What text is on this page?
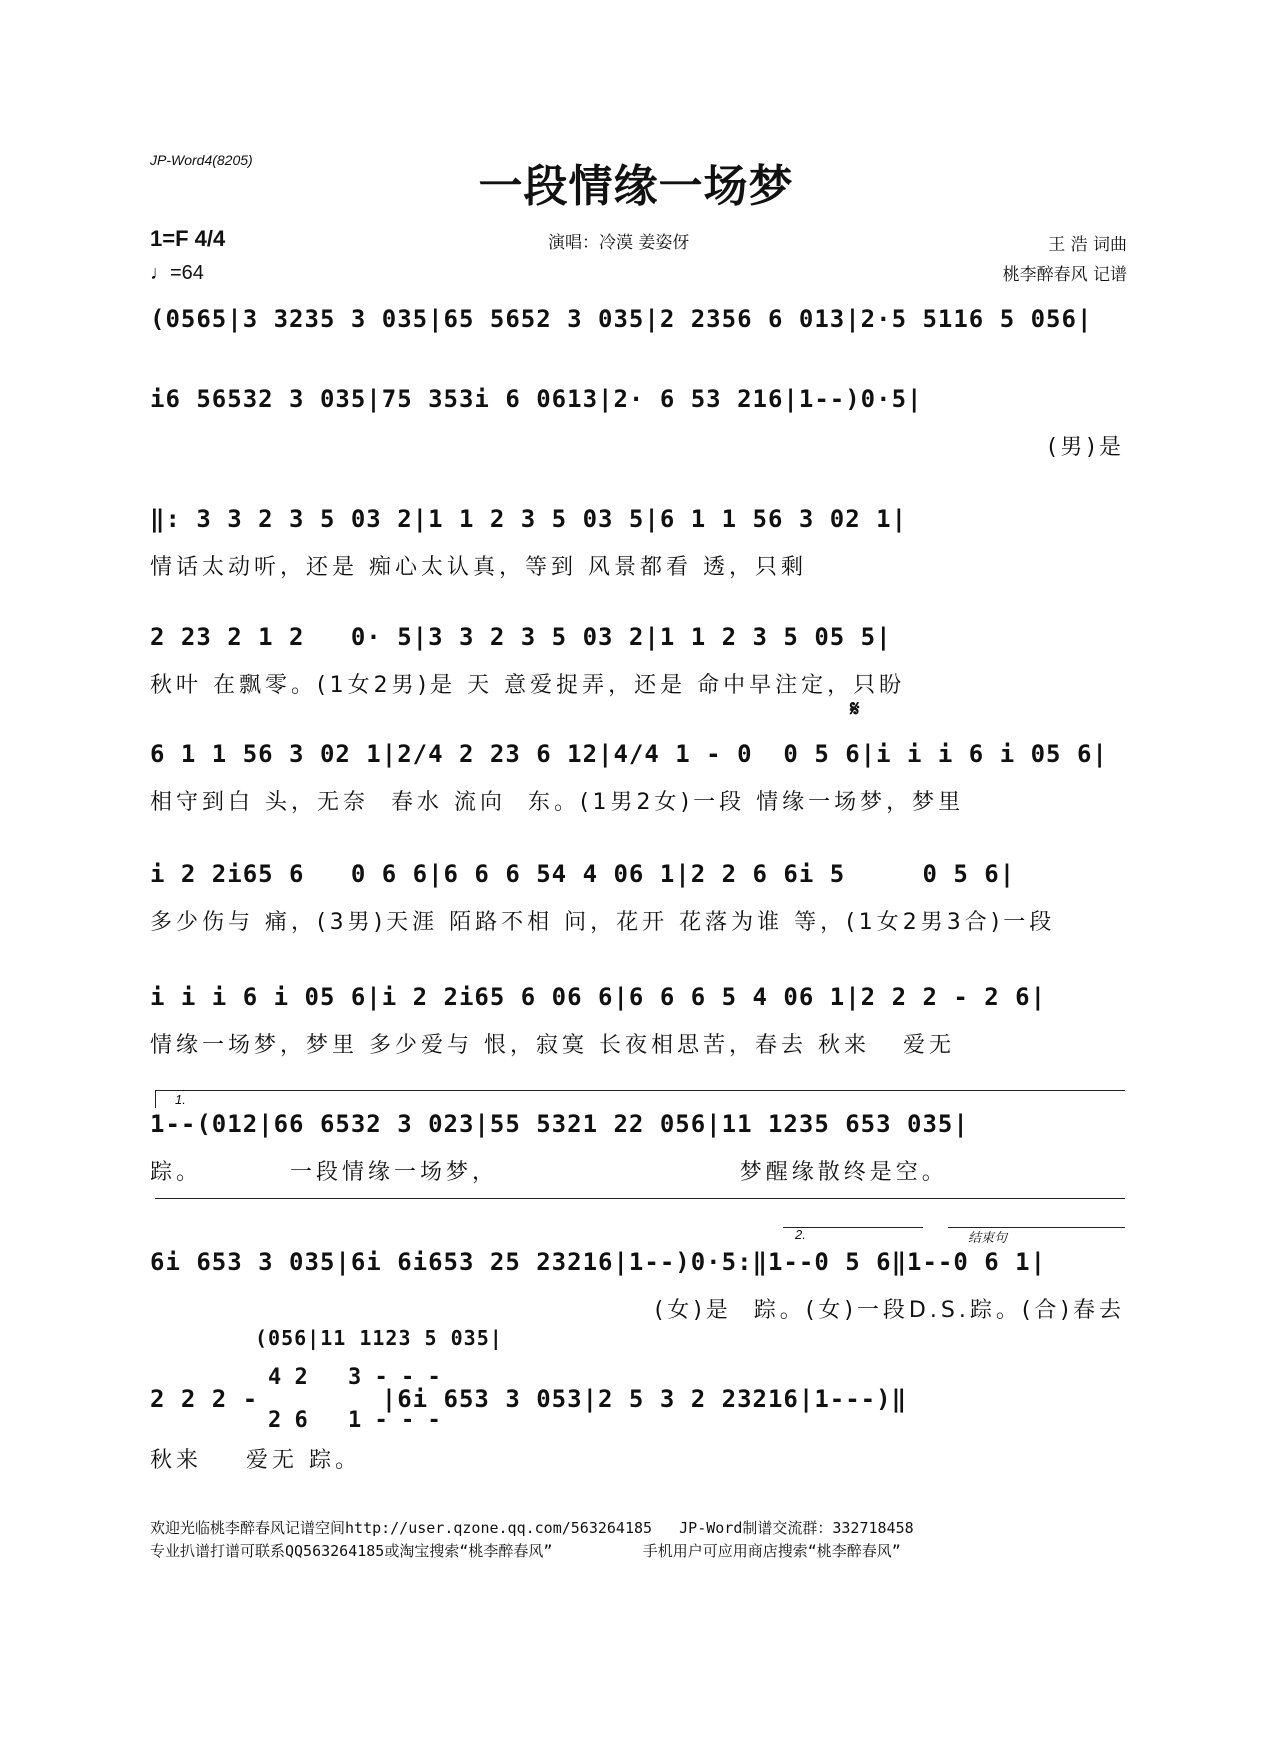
JP-Word4(8205)
一段情缘一场梦
1=F 4/4
♩=64
演唱：冷漠 姜姿伢	王 浩 词曲
桃李醉春风 记谱
(0565|3 3235 3 035|65 5652 3 035|2 2356 6 013|2·5 5116 5 056|
i6 56532 3 035|75 353i 6 0613|2· 6 53 216|1--)0·5|
(男)是
‖: 3 3 2 3 5 03 2|1 1 2 3 5 03 5|6 1 1 56 3 02 1|
情话太动听，还是 痴心太认真，等到 风景都看 透，只剩
2 23 2 1 2   0· 5|3 3 2 3 5 03 2|1 1 2 3 5 05 5|
秋叶 在飘零。(1女2男)是 天 意爱捉弄，还是 命中早注定，只盼
𝄋
6 1 1 56 3 02 1|2/4 2 23 6 12|4/4 1 - 0  0 5 6|i i i 6 i 05 6|
相守到白 头，无奈  春水 流向  东。(1男2女)一段 情缘一场梦，梦里
i 2 2i65 6   0 6 6|6 6 6 54 4 06 1|2 2 6 6i 5     0 5 6|
多少伤与 痛，(3男)天涯 陌路不相 问，花开 花落为谁 等，(1女2男3合)一段
i i i 6 i 05 6|i 2 2i65 6 06 6|6 6 6 5 4 06 1|2 2 2 - 2 6|
情缘一场梦，梦里 多少爱与 恨，寂寞 长夜相思苦，春去 秋来   爱无
1.
1--(012|66 6532 3 023|55 5321 22 056|11 1235 653 035|
踪。        一段情缘一场梦，                      梦醒缘散终是空。
2.	结束句
6i 653 3 035|6i 6i653 25 23216|1--)0·5:‖1--0 5 6‖1--0 6 1|
(女)是  踪。(女)一段D.S.踪。(合)春去
(056|11 1123 5 035|
4 2
2 6
3 - - -
1 - - -
2 2 2 -        |6i 653 3 053|2 5 3 2 23216|1---)‖
秋来    爱无 踪。
欢迎光临桃李醉春风记谱空间http://user.qzone.qq.com/563264185   JP-Word制谱交流群：332718458
专业扒谱打谱可联系QQ563264185或淘宝搜索“桃李醉春风”          手机用户可应用商店搜索“桃李醉春风”
